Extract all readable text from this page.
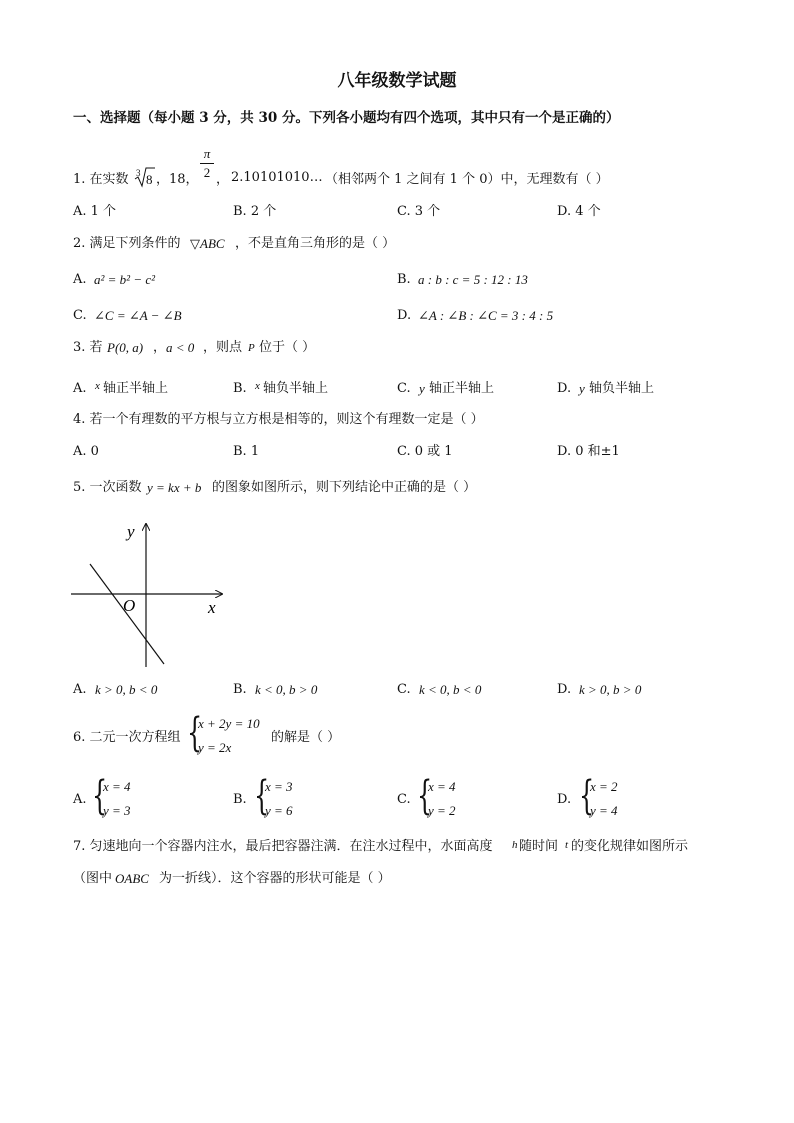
八年级数学试题
一、选择题（每小题 3 分，共 30 分。下列各小题均有四个选项，其中只有一个是正确的）
1. 在实数 3 8 ，18，
π
2 ， 2.10101010… （相邻两个 1 之间有 1 个 0）中，无理数有（ ）
A. 1 个	B. 2 个	C. 3 个	D. 4 个
2. 满足下列条件的 ▽ABC ，不是直角三角形的是（ ）
A. a² = b² − c²	B. a : b : c = 5 : 12 : 13
C. ∠C = ∠A − ∠B	D. ∠A : ∠B : ∠C = 3 : 4 : 5
3. 若 P(0, a) ， a < 0 ，则点 P 位于（ ）
A. x 轴正半轴上	B. x 轴负半轴上	C. y 轴正半轴上	D. y 轴负半轴上
4. 若一个有理数的平方根与立方根是相等的，则这个有理数一定是（ ）
A. 0	B. 1	C. 0 或 1	D. 0 和±1
5. 一次函数 y = kx + b 的图象如图所示，则下列结论中正确的是（ ）
y
x
O
A. k > 0, b < 0	B. k < 0, b > 0	C. k < 0, b < 0	D. k > 0, b > 0
6. 二元一次方程组 {
x + 2y = 10
y = 2x
的解是（ ）
A. {
x = 4
y = 3
B. {
x = 3
y = 6
C. {
x = 4
y = 2
D. {
x = 2
y = 4
7. 匀速地向一个容器内注水，最后把容器注满．在注水过程中，水面高度 h 随时间 t 的变化规律如图所示
（图中 OABC 为一折线）．这个容器的形状可能是（ ）
